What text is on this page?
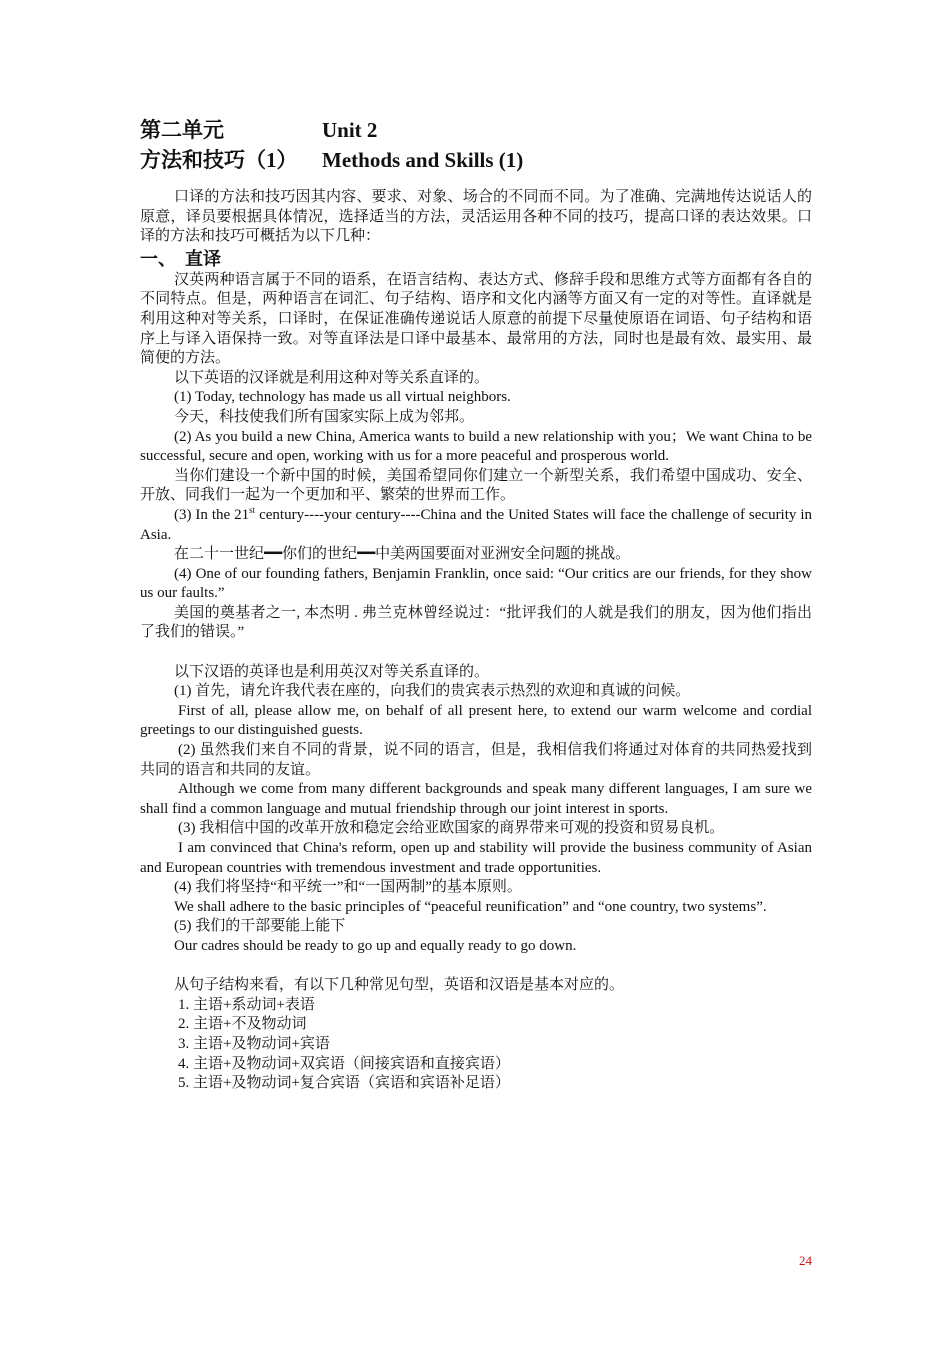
第二单元	Unit 2
方法和技巧（1） Methods and Skills (1)

口译的方法和技巧因其内容、要求、对象、场合的不同而不同。为了准确、完满地传达说话人的原意，译员要根据具体情况，选择适当的方法，灵活运用各种不同的技巧，提高口译的表达效果。口译的方法和技巧可概括为以下几种：

一、　直译

汉英两种语言属于不同的语系，在语言结构、表达方式、修辞手段和思维方式等方面都有各自的不同特点。但是，两种语言在词汇、句子结构、语序和文化内涵等方面又有一定的对等性。直译就是利用这种对等关系，口译时，在保证准确传递说话人原意的前提下尽量使原语在词语、句子结构和语序上与译入语保持一致。对等直译法是口译中最基本、最常用的方法，同时也是最有效、最实用、最简便的方法。

以下英语的汉译就是利用这种对等关系直译的。

(1) Today, technology has made us all virtual neighbors.

今天，科技使我们所有国家实际上成为邻邦。

(2) As you build a new China, America wants to build a new relationship with you；We want China to be successful, secure and open, working with us for a more peaceful and prosperous world.

当你们建设一个新中国的时候，美国希望同你们建立一个新型关系，我们希望中国成功、安全、开放、同我们一起为一个更加和平、繁荣的世界而工作。

(3) In the 21st century----your century----China and the United States will face the challenge of security in Asia.

在二十一世纪━━你们的世纪━━中美两国要面对亚洲安全问题的挑战。

(4) One of our founding fathers, Benjamin Franklin, once said: “Our critics are our friends, for they show us our faults.”

美国的奠基者之一, 本杰明 . 弗兰克林曾经说过：“批评我们的人就是我们的朋友，因为他们指出了我们的错误。”

以下汉语的英译也是利用英汉对等关系直译的。

(1) 首先，请允许我代表在座的，向我们的贵宾表示热烈的欢迎和真诚的问候。

First of all, please allow me, on behalf of all present here, to extend our warm welcome and cordial greetings to our distinguished guests.

(2) 虽然我们来自不同的背景，说不同的语言，但是，我相信我们将通过对体育的共同热爱找到共同的语言和共同的友谊。

Although we come from many different backgrounds and speak many different languages, I am sure we shall find a common language and mutual friendship through our joint interest in sports.

(3) 我相信中国的改革开放和稳定会给亚欧国家的商界带来可观的投资和贸易良机。

I am convinced that China's reform, open up and stability will provide the business community of Asian and European countries with tremendous investment and trade opportunities.

(4) 我们将坚持“和平统一”和“一国两制”的基本原则。

We shall adhere to the basic principles of “peaceful reunification” and “one country, two systems”.

(5) 我们的干部要能上能下

Our cadres should be ready to go up and equally ready to go down.

从句子结构来看，有以下几种常见句型，英语和汉语是基本对应的。

1. 主语+系动词+表语

2. 主语+不及物动词

3. 主语+及物动词+宾语

4. 主语+及物动词+双宾语（间接宾语和直接宾语）

5. 主语+及物动词+复合宾语（宾语和宾语补足语）

24
